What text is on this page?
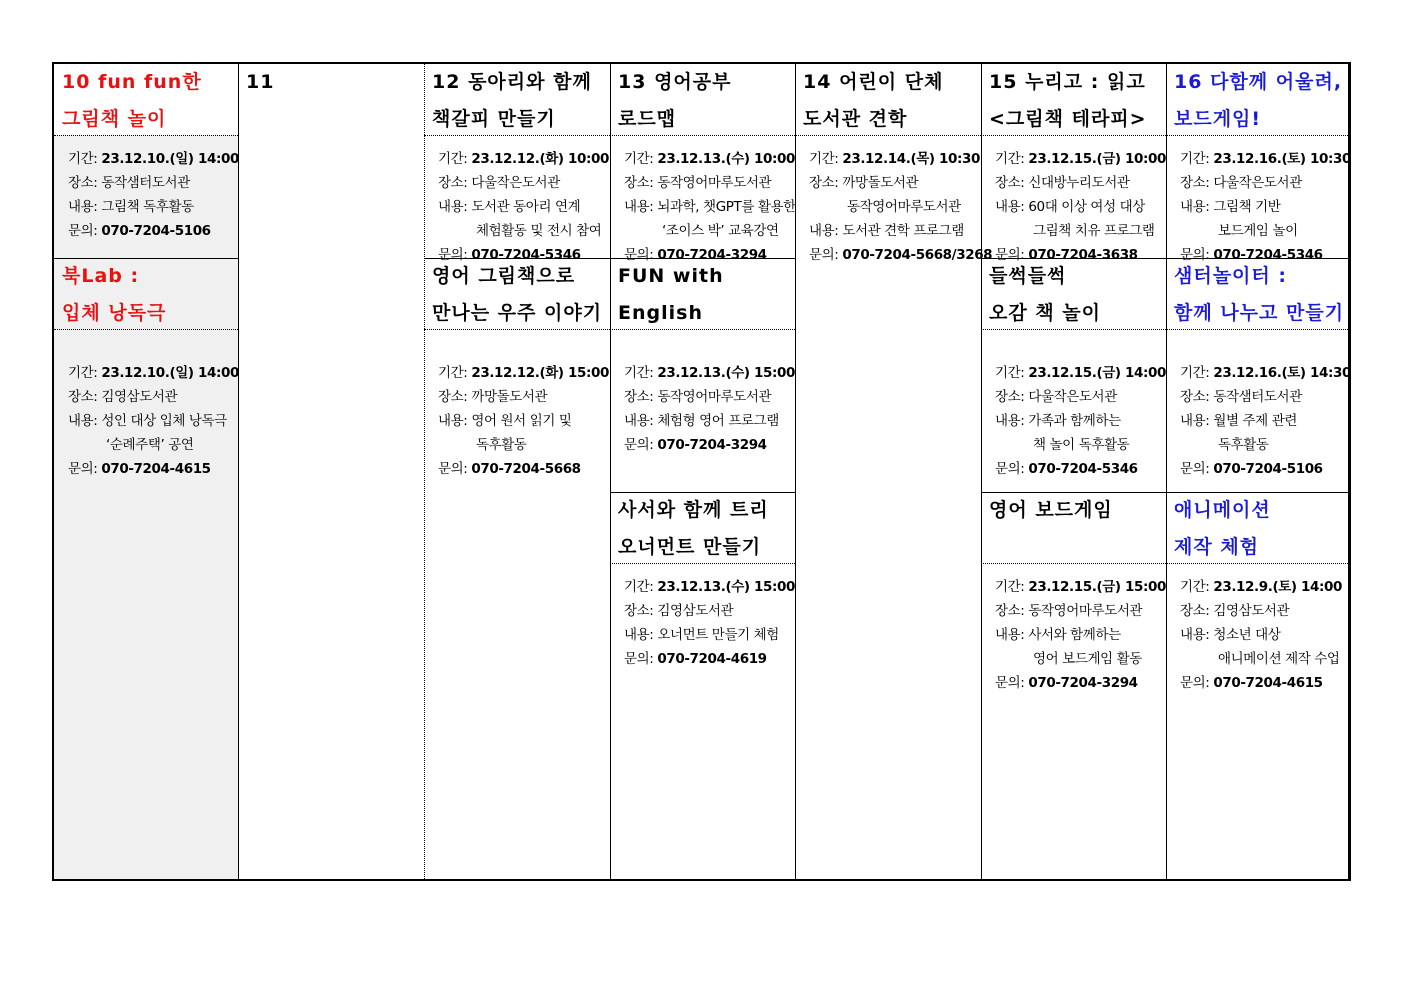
10 fun fun한
그림책 놀이
기간: 23.12.10.(일) 14:00
장소: 동작샘터도서관
내용: 그림책 독후활동
문의: 070-7204-5106
북Lab :
입체 낭독극
기간: 23.12.10.(일) 14:00
장소: 김영삼도서관
내용: 성인 대상 입체 낭독극
‘순례주택’ 공연
문의: 070-7204-4615
11	12 동아리와 함께
책갈피 만들기
기간: 23.12.12.(화) 10:00
장소: 다울작은도서관
내용: 도서관 동아리 연계
체험활동 및 전시 참여
문의: 070-7204-5346
영어 그림책으로
만나는 우주 이야기
기간: 23.12.12.(화) 15:00
장소: 까망돌도서관
내용: 영어 원서 읽기 및
독후활동
문의: 070-7204-5668
13 영어공부
로드맵
기간: 23.12.13.(수) 10:00
장소: 동작영어마루도서관
내용: 뇌과학, 챗GPT를 활용한
‘조이스 박’ 교육강연
문의: 070-7204-3294
FUN with
English
기간: 23.12.13.(수) 15:00
장소: 동작영어마루도서관
내용: 체험형 영어 프로그램
문의: 070-7204-3294
사서와 함께 트리
오너먼트 만들기
기간: 23.12.13.(수) 15:00
장소: 김영삼도서관
내용: 오너먼트 만들기 체험
문의: 070-7204-4619
14 어린이 단체
도서관 견학
기간: 23.12.14.(목) 10:30
장소: 까망돌도서관
동작영어마루도서관
내용: 도서관 견학 프로그램
문의: 070-7204-5668/3268
15 누리고 : 읽고
<그림책 테라피>
기간: 23.12.15.(금) 10:00
장소: 신대방누리도서관
내용: 60대 이상 여성 대상
그림책 치유 프로그램
문의: 070-7204-3638
들썩들썩
오감 책 놀이
기간: 23.12.15.(금) 14:00
장소: 다울작은도서관
내용: 가족과 함께하는
책 놀이 독후활동
문의: 070-7204-5346
영어 보드게임
기간: 23.12.15.(금) 15:00
장소: 동작영어마루도서관
내용: 사서와 함께하는
영어 보드게임 활동
문의: 070-7204-3294
16 다함께 어울려,
보드게임!
기간: 23.12.16.(토) 10:30
장소: 다울작은도서관
내용: 그림책 기반
보드게임 놀이
문의: 070-7204-5346
샘터놀이터 :
함께 나누고 만들기
기간: 23.12.16.(토) 14:30
장소: 동작샘터도서관
내용: 월별 주제 관련
독후활동
문의: 070-7204-5106
애니메이션
제작 체험
기간: 23.12.9.(토) 14:00
장소: 김영삼도서관
내용: 청소년 대상
애니메이션 제작 수업
문의: 070-7204-4615
